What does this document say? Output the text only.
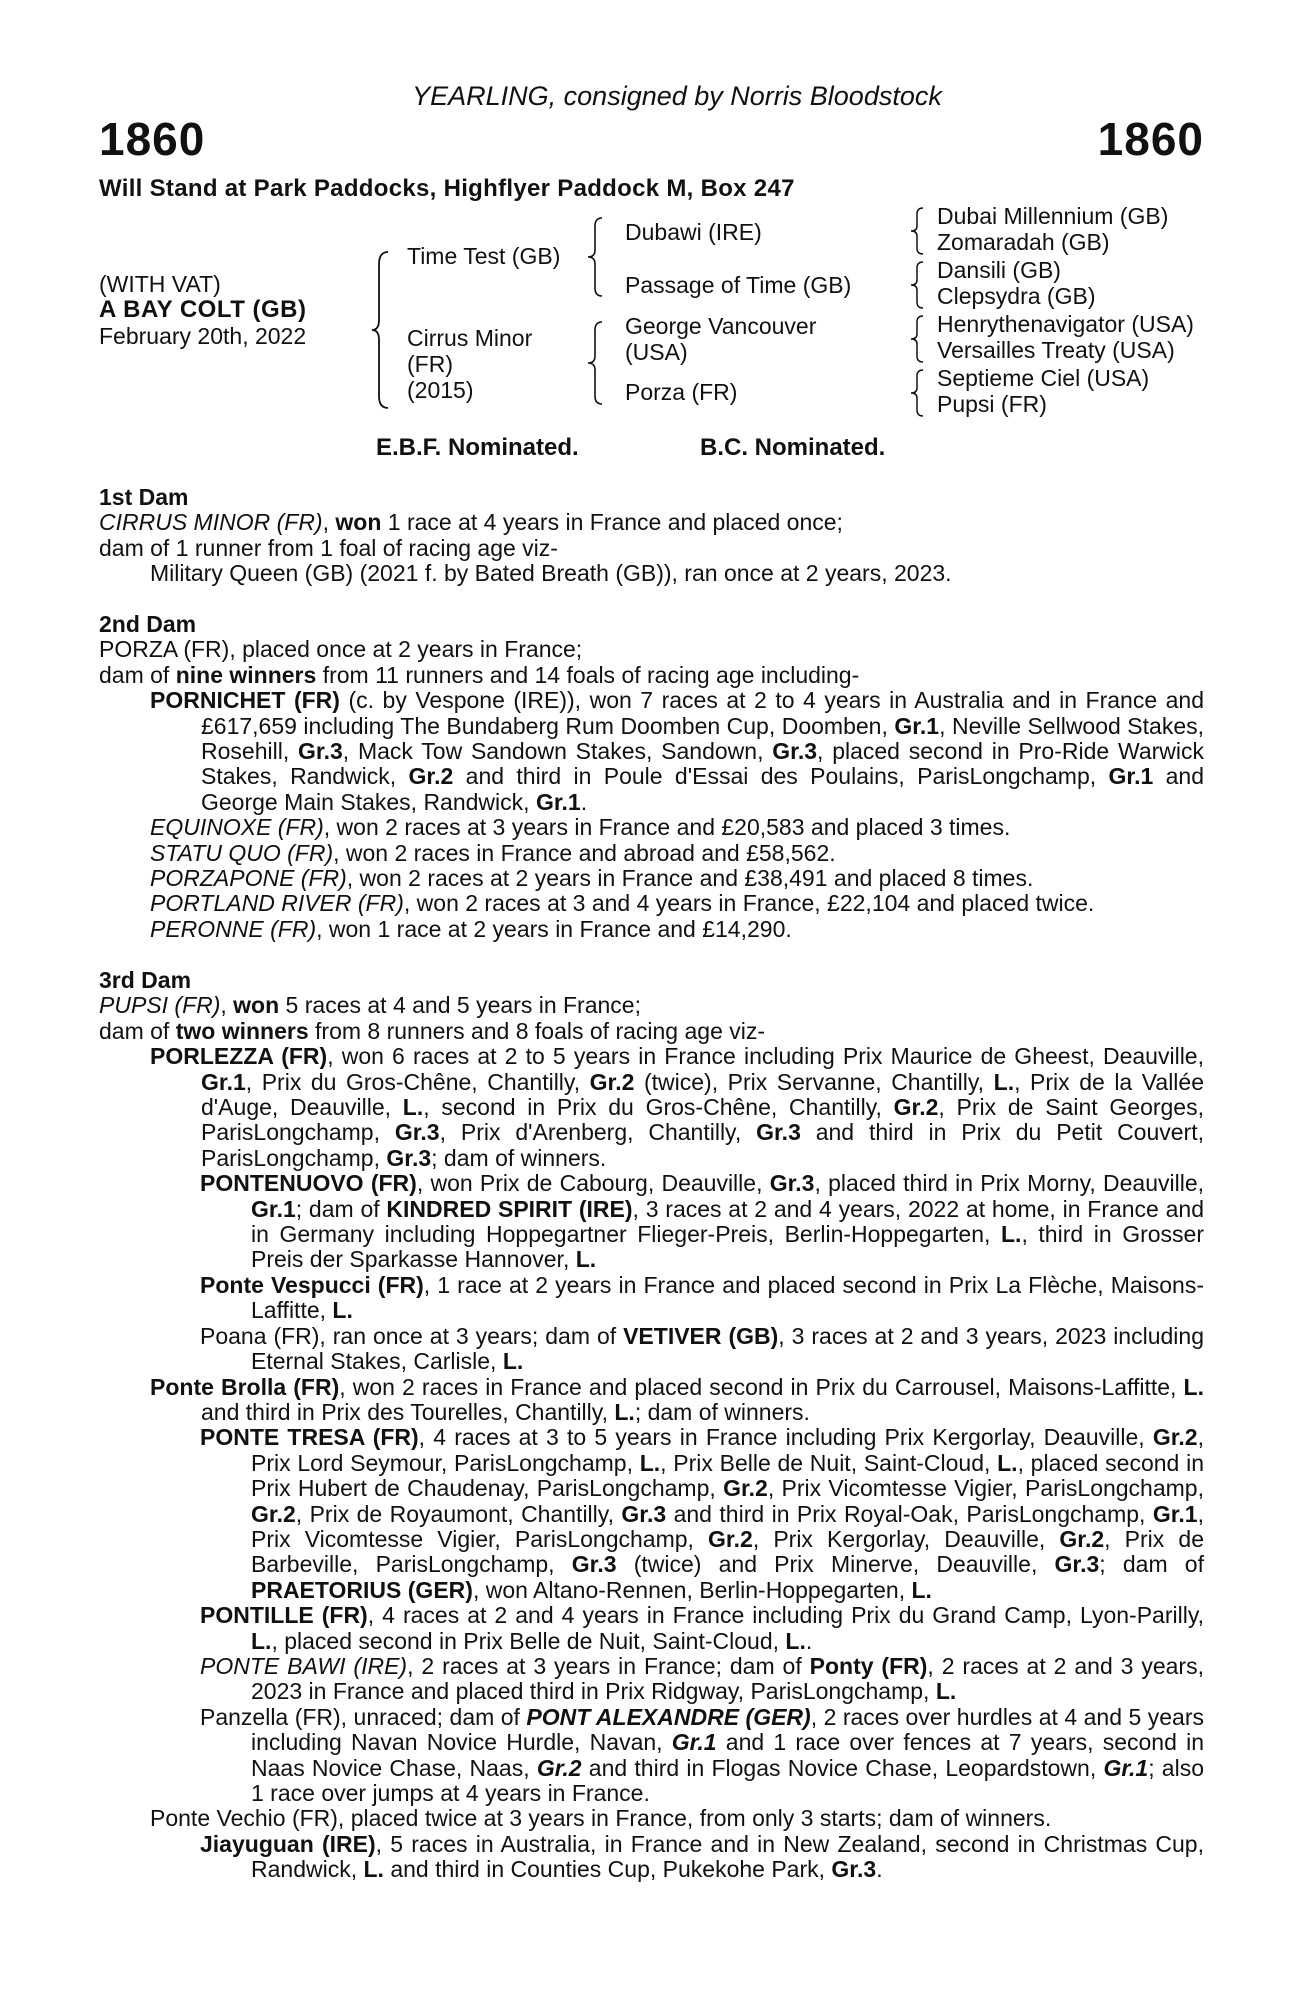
YEARLING, consigned by Norris Bloodstock
1860	1860
Will Stand at Park Paddocks, Highflyer Paddock M, Box 247
(WITH VAT)
A BAY COLT (GB)
February 20th, 2022
Time Test (GB)
Cirrus Minor
(FR)
(2015)
Dubawi (IRE)
Passage of Time (GB)
George Vancouver
(USA)
Porza (FR)
Dubai Millennium (GB)
Zomaradah (GB)
Dansili (GB)
Clepsydra (GB)
Henrythenavigator (USA)
Versailles Treaty (USA)
Septieme Ciel (USA)
Pupsi (FR)
E.B.F. Nominated.	B.C. Nominated.
1st Dam

CIRRUS MINOR (FR), won 1 race at 4 years in France and placed once;

dam of 1 runner from 1 foal of racing age viz-

Military Queen (GB) (2021 f. by Bated Breath (GB)), ran once at 2 years, 2023.

2nd Dam

PORZA (FR), placed once at 2 years in France;

dam of nine winners from 11 runners and 14 foals of racing age including-

PORNICHET (FR) (c. by Vespone (IRE)), won 7 races at 2 to 4 years in Australia and in France and £617,659 including The Bundaberg Rum Doomben Cup, Doomben, Gr.1, Neville Sellwood Stakes, Rosehill, Gr.3, Mack Tow Sandown Stakes, Sandown, Gr.3, placed second in Pro-Ride Warwick Stakes, Randwick, Gr.2 and third in Poule d'Essai des Poulains, ParisLongchamp, Gr.1 and George Main Stakes, Randwick, Gr.1.

EQUINOXE (FR), won 2 races at 3 years in France and £20,583 and placed 3 times.

STATU QUO (FR), won 2 races in France and abroad and £58,562.

PORZAPONE (FR), won 2 races at 2 years in France and £38,491 and placed 8 times.

PORTLAND RIVER (FR), won 2 races at 3 and 4 years in France, £22,104 and placed twice.

PERONNE (FR), won 1 race at 2 years in France and £14,290.

3rd Dam

PUPSI (FR), won 5 races at 4 and 5 years in France;

dam of two winners from 8 runners and 8 foals of racing age viz-

PORLEZZA (FR), won 6 races at 2 to 5 years in France including Prix Maurice de Gheest, Deauville, Gr.1, Prix du Gros-Chêne, Chantilly, Gr.2 (twice), Prix Servanne, Chantilly, L., Prix de la Vallée d'Auge, Deauville, L., second in Prix du Gros-Chêne, Chantilly, Gr.2, Prix de Saint Georges, ParisLongchamp, Gr.3, Prix d'Arenberg, Chantilly, Gr.3 and third in Prix du Petit Couvert, ParisLongchamp, Gr.3; dam of winners.

PONTENUOVO (FR), won Prix de Cabourg, Deauville, Gr.3, placed third in Prix Morny, Deauville, Gr.1; dam of KINDRED SPIRIT (IRE), 3 races at 2 and 4 years, 2022 at home, in France and in Germany including Hoppegartner Flieger-Preis, Berlin-Hoppegarten, L., third in Grosser Preis der Sparkasse Hannover, L.

Ponte Vespucci (FR), 1 race at 2 years in France and placed second in Prix La Flèche, Maisons-Laffitte, L.

Poana (FR), ran once at 3 years; dam of VETIVER (GB), 3 races at 2 and 3 years, 2023 including Eternal Stakes, Carlisle, L.

Ponte Brolla (FR), won 2 races in France and placed second in Prix du Carrousel, Maisons-Laffitte, L. and third in Prix des Tourelles, Chantilly, L.; dam of winners.

PONTE TRESA (FR), 4 races at 3 to 5 years in France including Prix Kergorlay, Deauville, Gr.2, Prix Lord Seymour, ParisLongchamp, L., Prix Belle de Nuit, Saint-Cloud, L., placed second in Prix Hubert de Chaudenay, ParisLongchamp, Gr.2, Prix Vicomtesse Vigier, ParisLongchamp, Gr.2, Prix de Royaumont, Chantilly, Gr.3 and third in Prix Royal-Oak, ParisLongchamp, Gr.1, Prix Vicomtesse Vigier, ParisLongchamp, Gr.2, Prix Kergorlay, Deauville, Gr.2, Prix de Barbeville, ParisLongchamp, Gr.3 (twice) and Prix Minerve, Deauville, Gr.3; dam of PRAETORIUS (GER), won Altano-Rennen, Berlin-Hoppegarten, L.

PONTILLE (FR), 4 races at 2 and 4 years in France including Prix du Grand Camp, Lyon-Parilly, L., placed second in Prix Belle de Nuit, Saint-Cloud, L..

PONTE BAWI (IRE), 2 races at 3 years in France; dam of Ponty (FR), 2 races at 2 and 3 years, 2023 in France and placed third in Prix Ridgway, ParisLongchamp, L.

Panzella (FR), unraced; dam of PONT ALEXANDRE (GER), 2 races over hurdles at 4 and 5 years including Navan Novice Hurdle, Navan, Gr.1 and 1 race over fences at 7 years, second in Naas Novice Chase, Naas, Gr.2 and third in Flogas Novice Chase, Leopardstown, Gr.1; also 1 race over jumps at 4 years in France.

Ponte Vechio (FR), placed twice at 3 years in France, from only 3 starts; dam of winners.

Jiayuguan (IRE), 5 races in Australia, in France and in New Zealand, second in Christmas Cup, Randwick, L. and third in Counties Cup, Pukekohe Park, Gr.3.
